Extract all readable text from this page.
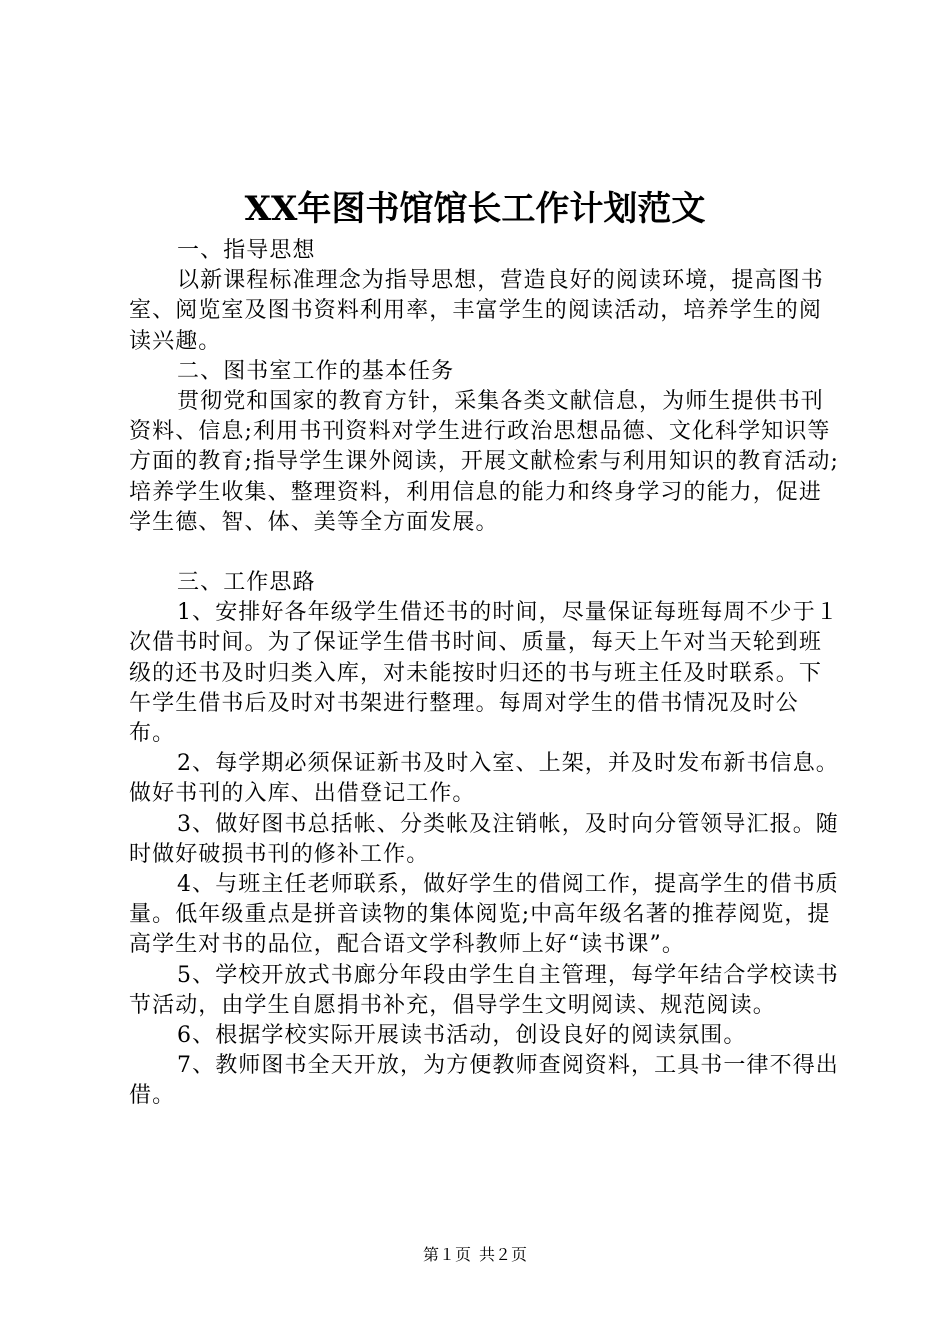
XX年图书馆馆长工作计划范文

一、指导思想

以新课程标准理念为指导思想，营造良好的阅读环境，提高图书室、阅览室及图书资料利用率，丰富学生的阅读活动，培养学生的阅读兴趣。

二、图书室工作的基本任务

贯彻党和国家的教育方针，采集各类文献信息，为师生提供书刊资料、信息;利用书刊资料对学生进行政治思想品德、文化科学知识等方面的教育;指导学生课外阅读，开展文献检索与利用知识的教育活动;培养学生收集、整理资料，利用信息的能力和终身学习的能力，促进学生德、智、体、美等全方面发展。

三、工作思路

1、安排好各年级学生借还书的时间，尽量保证每班每周不少于１次借书时间。为了保证学生借书时间、质量，每天上午对当天轮到班级的还书及时归类入库，对未能按时归还的书与班主任及时联系。下午学生借书后及时对书架进行整理。每周对学生的借书情况及时公布。

2、每学期必须保证新书及时入室、上架，并及时发布新书信息。做好书刊的入库、出借登记工作。

3、做好图书总括帐、分类帐及注销帐，及时向分管领导汇报。随时做好破损书刊的修补工作。

4、与班主任老师联系，做好学生的借阅工作，提高学生的借书质量。低年级重点是拼音读物的集体阅览;中高年级名著的推荐阅览，提高学生对书的品位，配合语文学科教师上好“读书课”。

5、学校开放式书廊分年段由学生自主管理，每学年结合学校读书节活动，由学生自愿捐书补充，倡导学生文明阅读、规范阅读。

6、根据学校实际开展读书活动，创设良好的阅读氛围。

7、教师图书全天开放，为方便教师查阅资料，工具书一律不得出借。

第１页 共２页
